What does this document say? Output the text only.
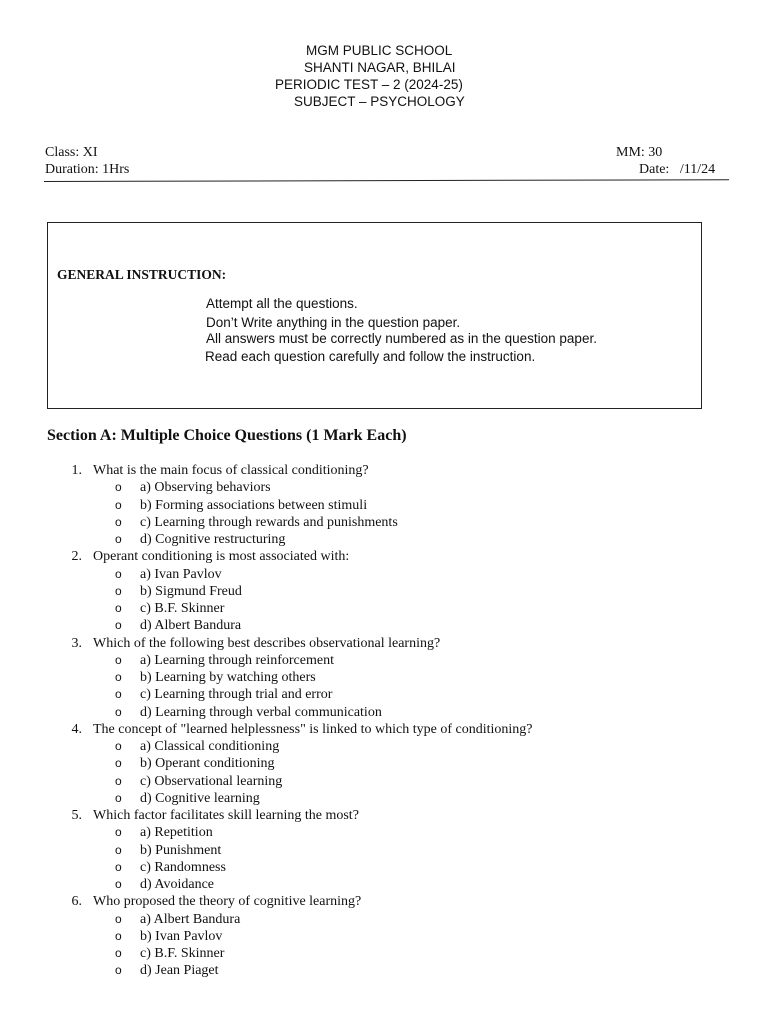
MGM PUBLIC SCHOOL
SHANTI NAGAR, BHILAI
PERIODIC TEST – 2 (2024-25)
SUBJECT – PSYCHOLOGY
Class: XI
Duration: 1Hrs
MM: 30
Date:   /11/24
GENERAL INSTRUCTION:
Attempt all the questions.
Don’t Write anything in the question paper.
All answers must be correctly numbered as in the question paper.
Read each question carefully and follow the instruction.
Section A: Multiple Choice Questions (1 Mark Each)
1. What is the main focus of classical conditioning?
o a) Observing behaviors
o b) Forming associations between stimuli
o c) Learning through rewards and punishments
o d) Cognitive restructuring
2. Operant conditioning is most associated with:
o a) Ivan Pavlov
o b) Sigmund Freud
o c) B.F. Skinner
o d) Albert Bandura
3. Which of the following best describes observational learning?
o a) Learning through reinforcement
o b) Learning by watching others
o c) Learning through trial and error
o d) Learning through verbal communication
4. The concept of "learned helplessness" is linked to which type of conditioning?
o a) Classical conditioning
o b) Operant conditioning
o c) Observational learning
o d) Cognitive learning
5. Which factor facilitates skill learning the most?
o a) Repetition
o b) Punishment
o c) Randomness
o d) Avoidance
6. Who proposed the theory of cognitive learning?
o a) Albert Bandura
o b) Ivan Pavlov
o c) B.F. Skinner
o d) Jean Piaget
